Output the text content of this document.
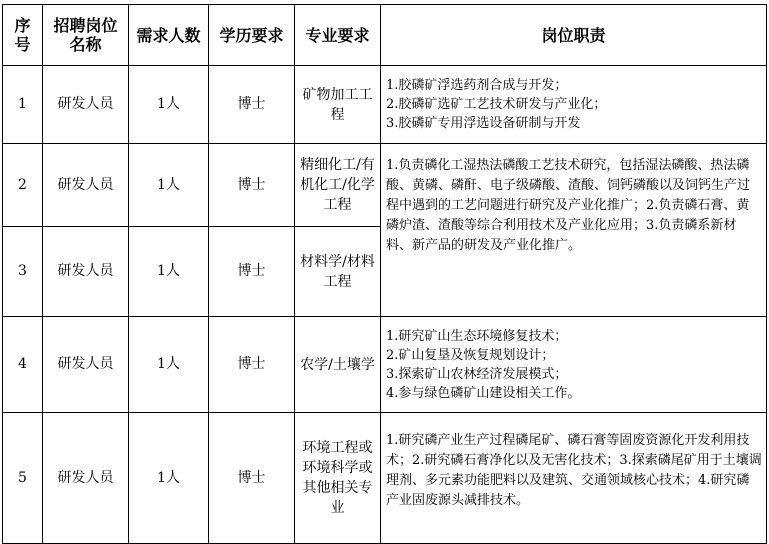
序号	招聘岗位名称	需求人数	学历要求	专业要求	岗位职责
1	研发人员	1人	博士	矿物加工工程	1.胶磷矿浮选药剂合成与开发；
2.胶磷矿选矿工艺技术研发与产业化；
3.胶磷矿专用浮选设备研制与开发

2	研发人员	1人	博士	精细化工/有机化工/化学工程	1.负责磷化工湿热法磷酸工艺技术研究，包括湿法磷酸、热法磷酸、黄磷、磷酐、电子级磷酸、渣酸、饲钙磷酸以及饲钙生产过程中遇到的工艺问题进行研究及产业化推广；2.负责磷石膏、黄磷炉渣、渣酸等综合利用技术及产业化应用；3.负责磷系新材料、新产品的研发及产业化推广。

3	研发人员	1人	博士	材料学/材料工程	
4	研发人员	1人	博士	农学/土壤学	1.研究矿山生态环境修复技术；
2.矿山复垦及恢复规划设计；
3.探索矿山农林经济发展模式；
4.参与绿色磷矿山建设相关工作。

5	研发人员	1人	博士	环境工程或环境科学或其他相关专业	1.研究磷产业生产过程磷尾矿、磷石膏等固废资源化开发利用技术；2.研究磷石膏净化以及无害化技术；3.探索磷尾矿用于土壤调理剂、多元素功能肥料以及建筑、交通领域核心技术；4.研究磷产业固废源头减排技术。
